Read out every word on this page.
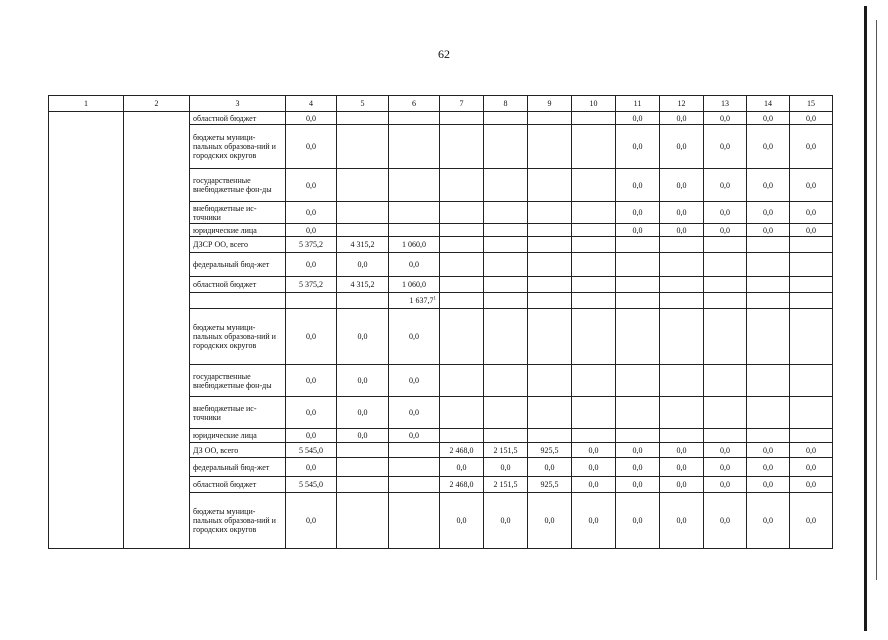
62
1	2	3	4	5	6	7	8	9	10	11	12	13	14	15
		областной бюджет	0,0							0,0	0,0	0,0	0,0	0,0
		бюджеты муници-пальных образова-ний и городских округов	0,0							0,0	0,0	0,0	0,0	0,0
		государственные внебюджетные фон-ды	0,0							0,0	0,0	0,0	0,0	0,0
		внебюджетные ис-точники	0,0							0,0	0,0	0,0	0,0	0,0
		юридические лица	0,0							0,0	0,0	0,0	0,0	0,0
		ДЗСР ОО, всего	5 375,2	4 315,2	1 060,0									
		федеральный бюд-жет	0,0	0,0	0,0									
		областной бюджет	5 375,2	4 315,2	1 060,0									
					1 637,7$^1$									
		бюджеты муници-пальных образова-ний и городских округов	0,0	0,0	0,0									
		государственные внебюджетные фон-ды	0,0	0,0	0,0									
		внебюджетные ис-точники	0,0	0,0	0,0									
		юридические лица	0,0	0,0	0,0									
		ДЗ ОО, всего	5 545,0			2 468,0	2 151,5	925,5	0,0	0,0	0,0	0,0	0,0	0,0
		федеральный бюд-жет	0,0			0,0	0,0	0,0	0,0	0,0	0,0	0,0	0,0	0,0
		областной бюджет	5 545,0			2 468,0	2 151,5	925,5	0,0	0,0	0,0	0,0	0,0	0,0
		бюджеты муници-пальных образова-ний и городских округов	0,0			0,0	0,0	0,0	0,0	0,0	0,0	0,0	0,0	0,0
